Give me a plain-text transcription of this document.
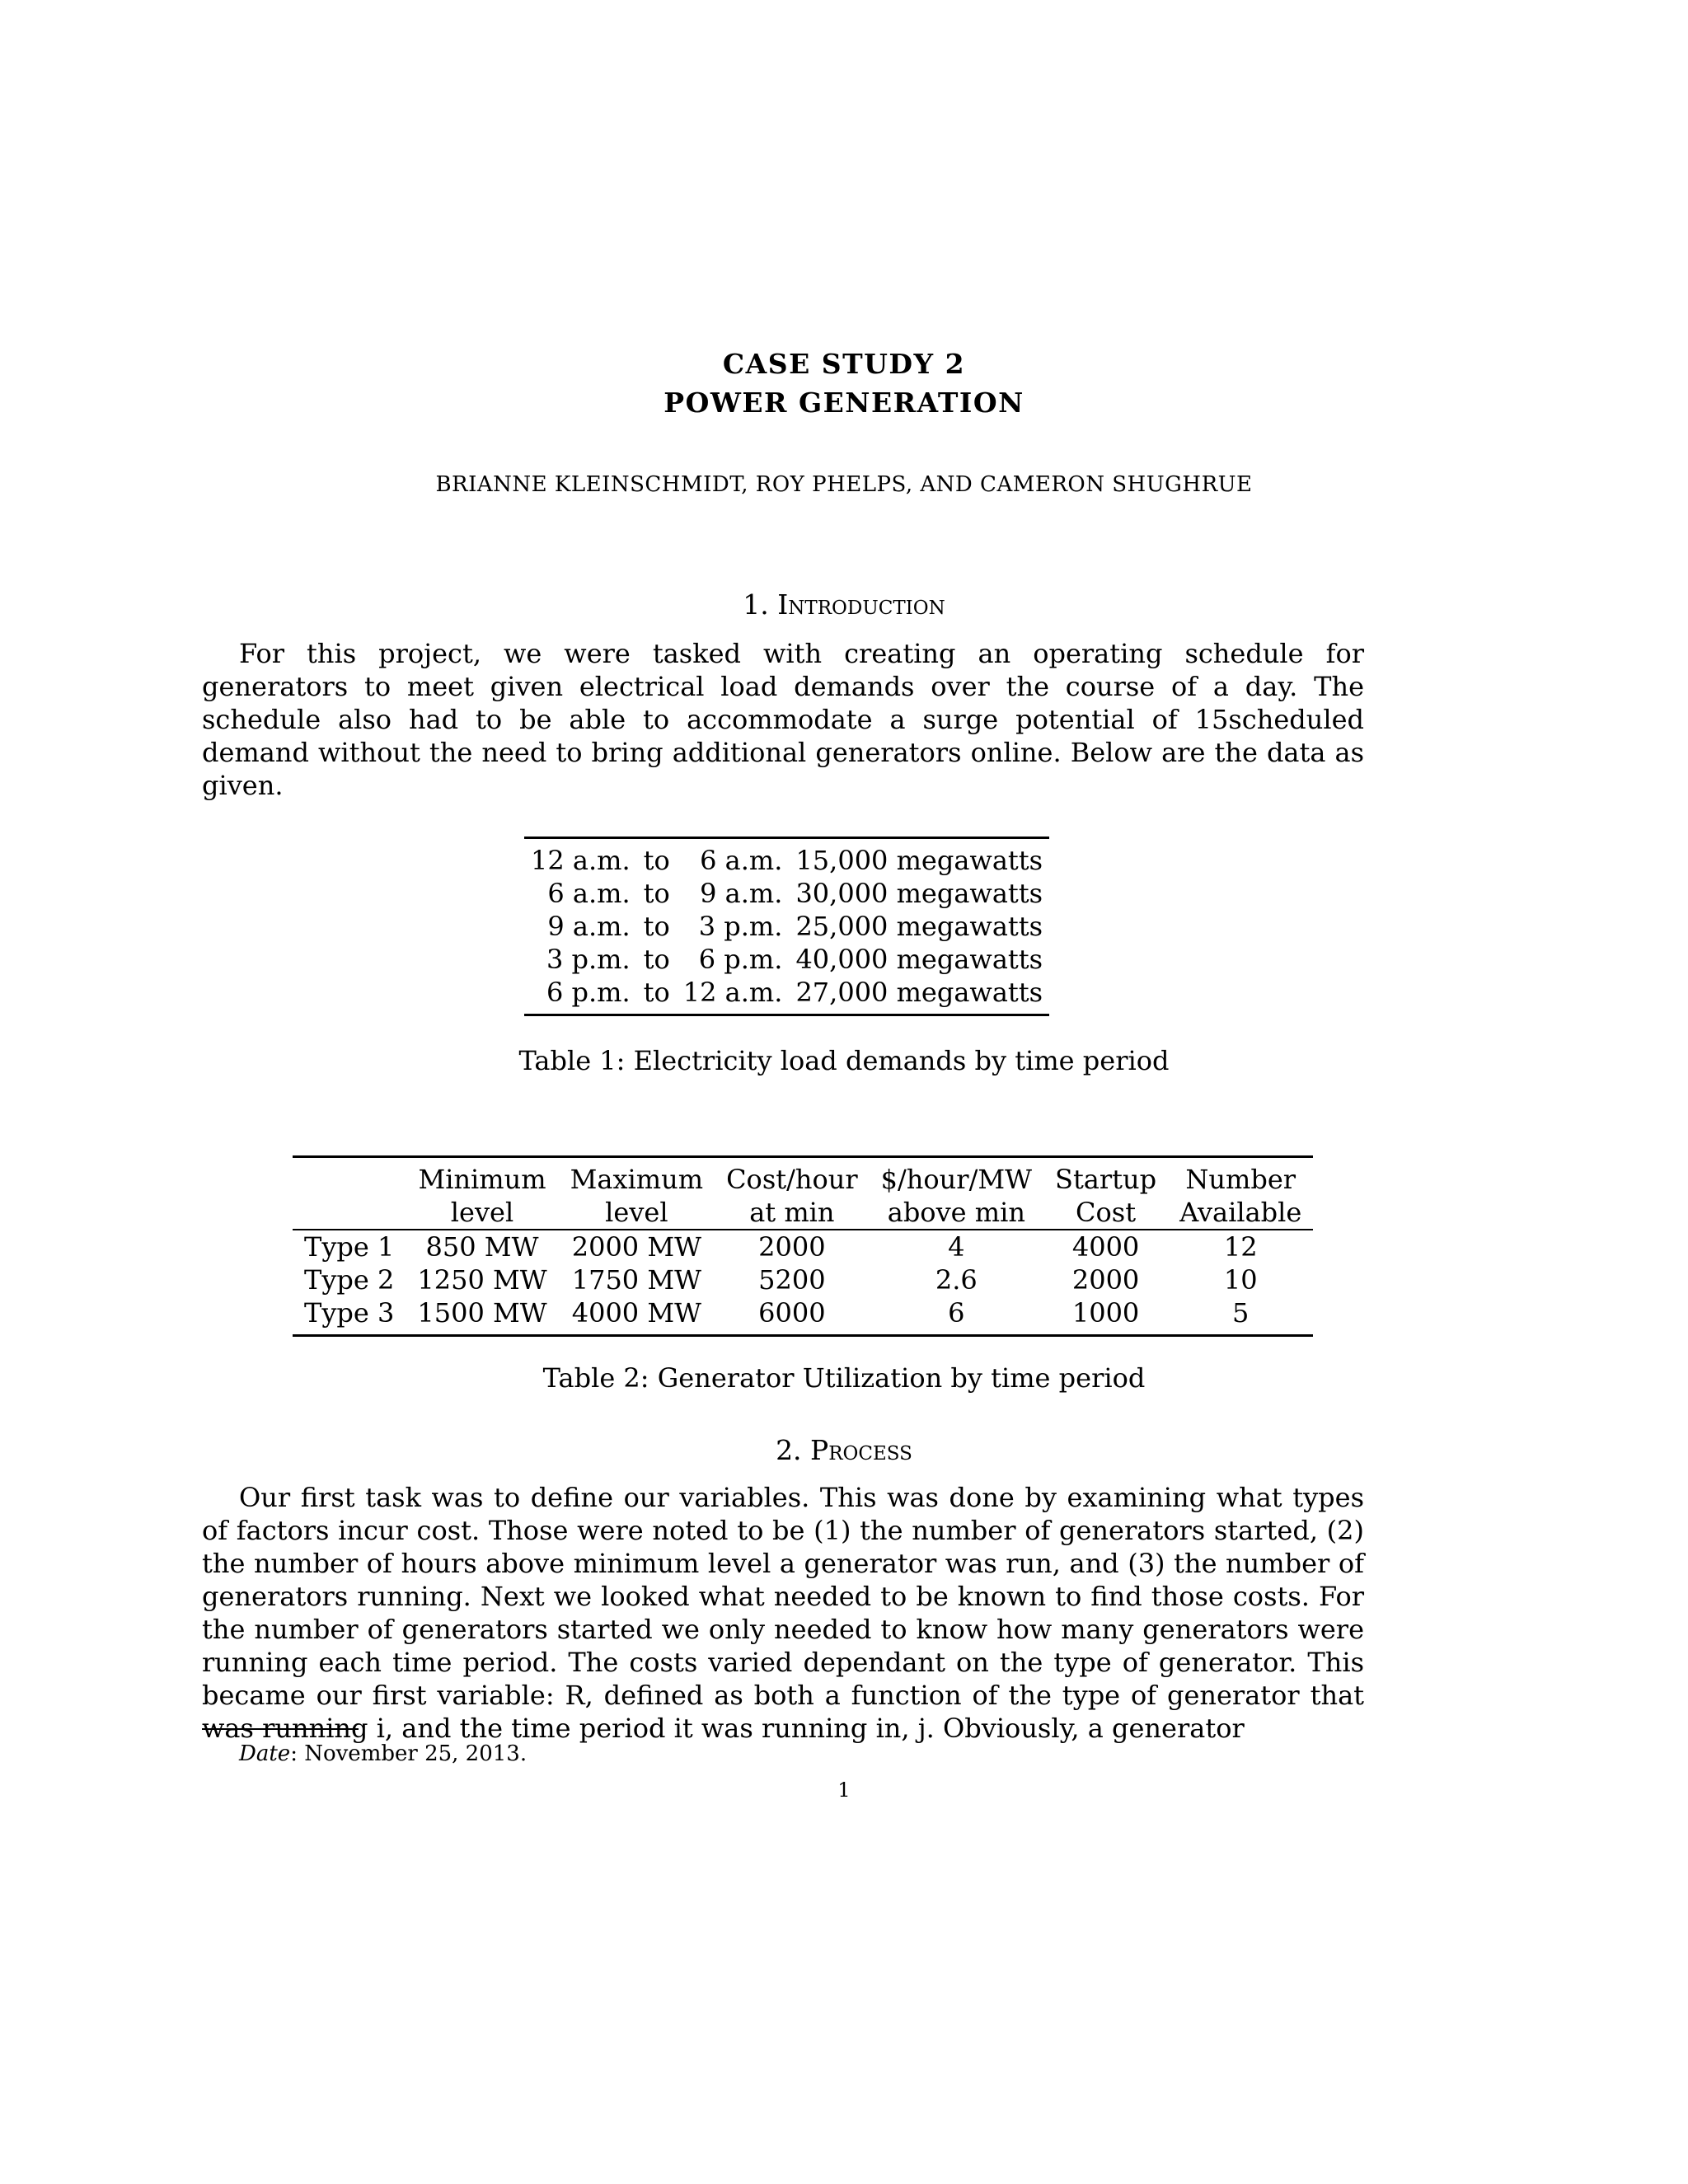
CASE STUDY 2
POWER GENERATION
BRIANNE KLEINSCHMIDT, ROY PHELPS, AND CAMERON SHUGHRUE
1. Introduction

For this project, we were tasked with creating an operating schedule for generators to meet given electrical load demands over the course of a day. The schedule also had to be able to accommodate a surge potential of 15scheduled demand without the need to bring additional generators online. Below are the data as given.

12 a.m.	to	6 a.m.	15,000 megawatts
6 a.m.	to	9 a.m.	30,000 megawatts
9 a.m.	to	3 p.m.	25,000 megawatts
3 p.m.	to	6 p.m.	40,000 megawatts
6 p.m.	to	12 a.m.	27,000 megawatts
Table 1: Electricity load demands by time period
	Minimum	Maximum	Cost/hour	$/hour/MW	Startup	Number
	level	level	at min	above min	Cost	Available
Type 1	850 MW	2000 MW	2000	4	4000	12
Type 2	1250 MW	1750 MW	5200	2.6	2000	10
Type 3	1500 MW	4000 MW	6000	6	1000	5
Table 2: Generator Utilization by time period
2. Process

Our first task was to define our variables. This was done by examining what types of factors incur cost. Those were noted to be (1) the number of generators started, (2) the number of hours above minimum level a generator was run, and (3) the number of generators running. Next we looked what needed to be known to find those costs. For the number of generators started we only needed to know how many generators were running each time period. The costs varied dependant on the type of generator. This became our first variable: R, defined as both a function of the type of generator that was running i, and the time period it was running in, j. Obviously, a generator

Date: November 25, 2013.
1
